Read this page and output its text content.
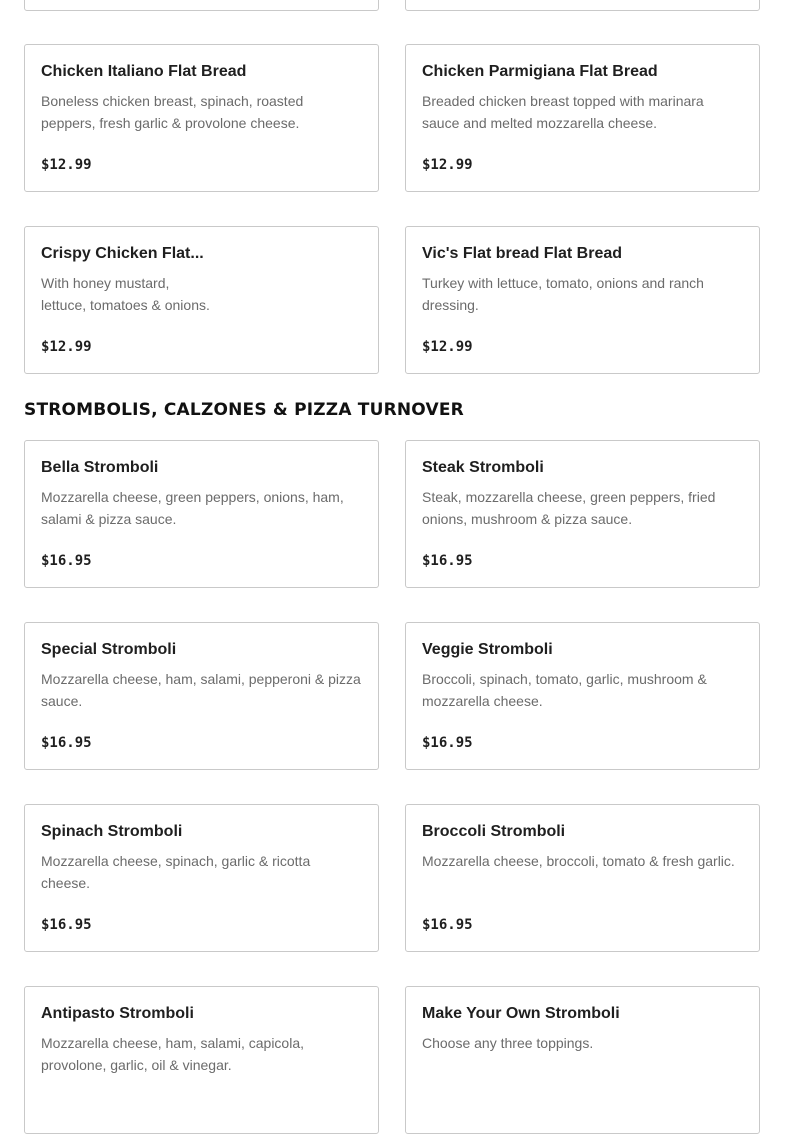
Chicken Italiano Flat Bread
Boneless chicken breast, spinach, roasted peppers, fresh garlic & provolone cheese.
$12.99
Chicken Parmigiana Flat Bread
Breaded chicken breast topped with marinara sauce and melted mozzarella cheese.
$12.99
Crispy Chicken Flat...
With honey mustard,
lettuce, tomatoes & onions.
$12.99
Vic's Flat bread Flat Bread
Turkey with lettuce, tomato, onions and ranch dressing.
$12.99
STROMBOLIS, CALZONES & PIZZA TURNOVER
Bella Stromboli
Mozzarella cheese, green peppers, onions, ham, salami & pizza sauce.
$16.95
Steak Stromboli
Steak, mozzarella cheese, green peppers, fried onions, mushroom & pizza sauce.
$16.95
Special Stromboli
Mozzarella cheese, ham, salami, pepperoni & pizza sauce.
$16.95
Veggie Stromboli
Broccoli, spinach, tomato, garlic, mushroom & mozzarella cheese.
$16.95
Spinach Stromboli
Mozzarella cheese, spinach, garlic & ricotta cheese.
$16.95
Broccoli Stromboli
Mozzarella cheese, broccoli, tomato & fresh garlic.
$16.95
Antipasto Stromboli
Mozzarella cheese, ham, salami, capicola, provolone, garlic, oil & vinegar.
Make Your Own Stromboli
Choose any three toppings.
